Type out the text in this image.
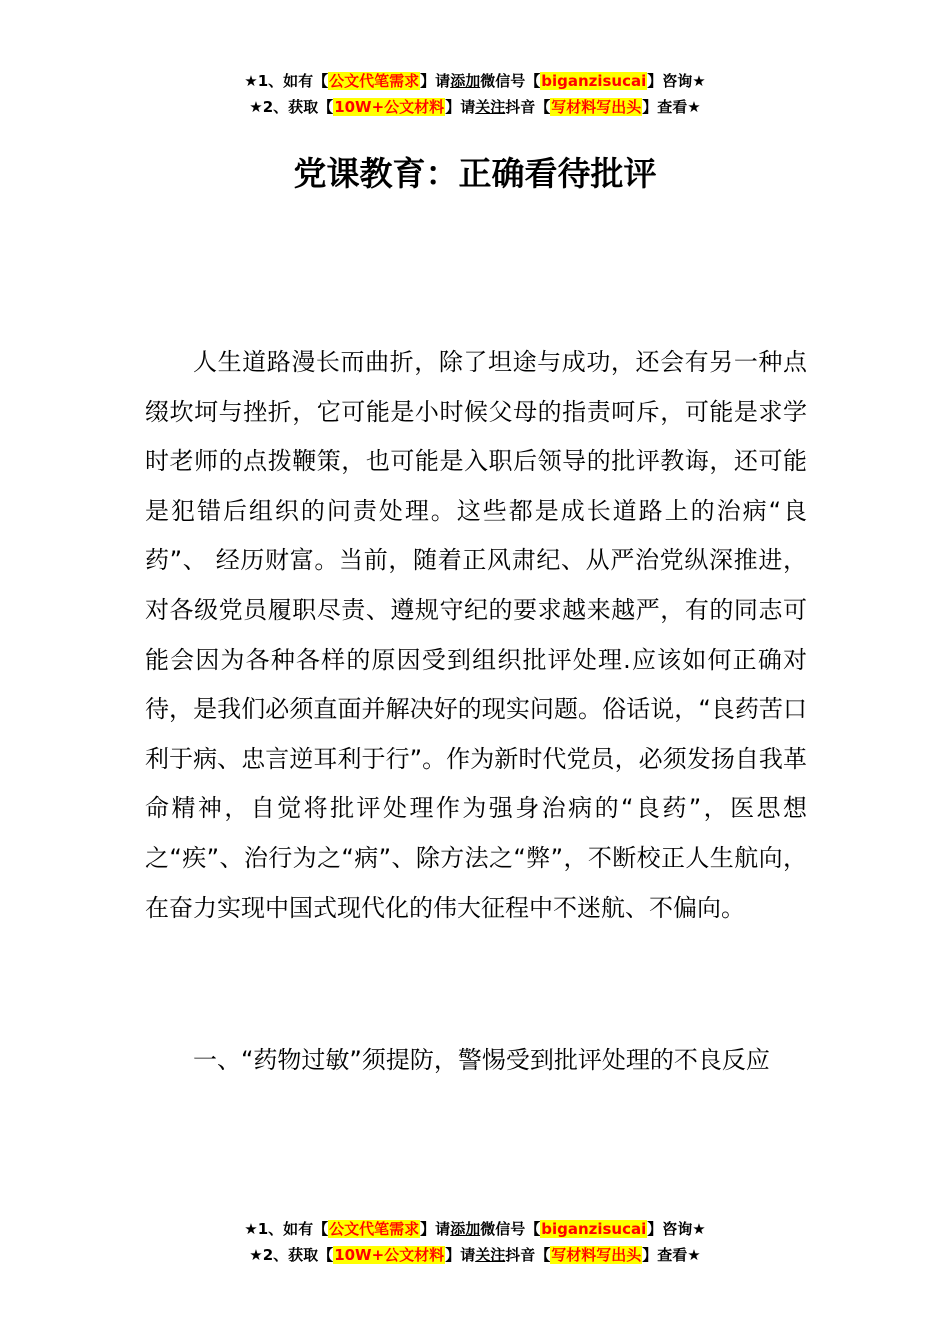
★1、如有【公文代笔需求】请添加微信号【biganzisucai】咨询★
★2、获取【10W+公文材料】请关注抖音【写材料写出头】查看★
党课教育：正确看待批评

人生道路漫长而曲折，除了坦途与成功，还会有另一种点缀坎坷与挫折，它可能是小时候父母的指责呵斥，可能是求学时老师的点拨鞭策，也可能是入职后领导的批评教诲，还可能是犯错后组织的问责处理。这些都是成长道路上的治病“良药”、 经历财富。当前，随着正风肃纪、从严治党纵深推进，对各级党员履职尽责、遵规守纪的要求越来越严，有的同志可能会因为各种各样的原因受到组织批评处理.应该如何正确对待，是我们必须直面并解决好的现实问题。俗话说，“良药苦口利于病、忠言逆耳利于行”。作为新时代党员，必须发扬自我革命精神，自觉将批评处理作为强身治病的“良药”，医思想之“疾”、治行为之“病”、除方法之“弊”，不断校正人生航向，在奋力实现中国式现代化的伟大征程中不迷航、不偏向。

一、“药物过敏”须提防，警惕受到批评处理的不良反应

★1、如有【公文代笔需求】请添加微信号【biganzisucai】咨询★
★2、获取【10W+公文材料】请关注抖音【写材料写出头】查看★
